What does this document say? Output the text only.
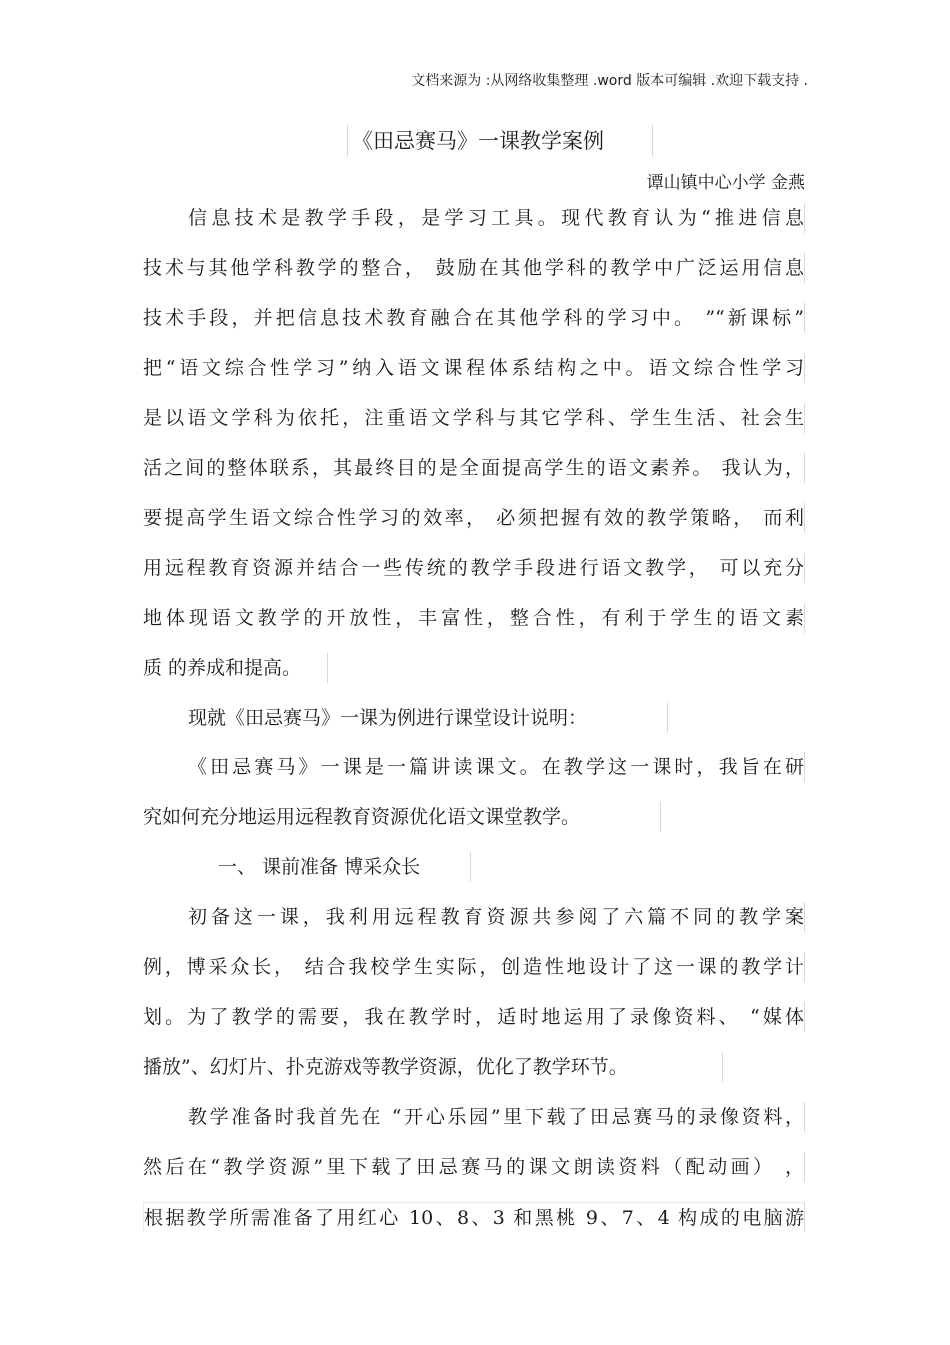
文档来源为 :从网络收集整理 .word 版本可编辑 .欢迎下载支持 .
《田忌赛马》一课教学案例
谭山镇中心小学 金燕
信息技术是教学手段，是学习工具。现代教育认为“推进信息
技术与其他学科教学的整合， 鼓励在其他学科的教学中广泛运用信息
技术手段，并把信息技术教育融合在其他学科的学习中。 ”“新课标”
把“语文综合性学习”纳入语文课程体系结构之中。语文综合性学习
是以语文学科为依托，注重语文学科与其它学科、学生生活、社会生
活之间的整体联系，其最终目的是全面提高学生的语文素养。 我认为，
要提高学生语文综合性学习的效率， 必须把握有效的教学策略， 而利
用远程教育资源并结合一些传统的教学手段进行语文教学， 可以充分
地体现语文教学的开放性，丰富性，整合性，有利于学生的语文素
质 的养成和提高。
现就《田忌赛马》一课为例进行课堂设计说明：
《田忌赛马》一课是一篇讲读课文。在教学这一课时，我旨在研
究如何充分地运用远程教育资源优化语文课堂教学。
一、 课前准备 博采众长
初备这一课，我利用远程教育资源共参阅了六篇不同的教学案
例，博采众长， 结合我校学生实际，创造性地设计了这一课的教学计
划。为了教学的需要，我在教学时，适时地运用了录像资料、 “媒体
播放”、幻灯片、扑克游戏等教学资源，优化了教学环节。
教学准备时我首先在 “开心乐园”里下载了田忌赛马的录像资料，
然后在“教学资源”里下载了田忌赛马的课文朗读资料（配动画） ，
根据教学所需准备了用红心 10、8、3 和黑桃 9、7、4 构成的电脑游
